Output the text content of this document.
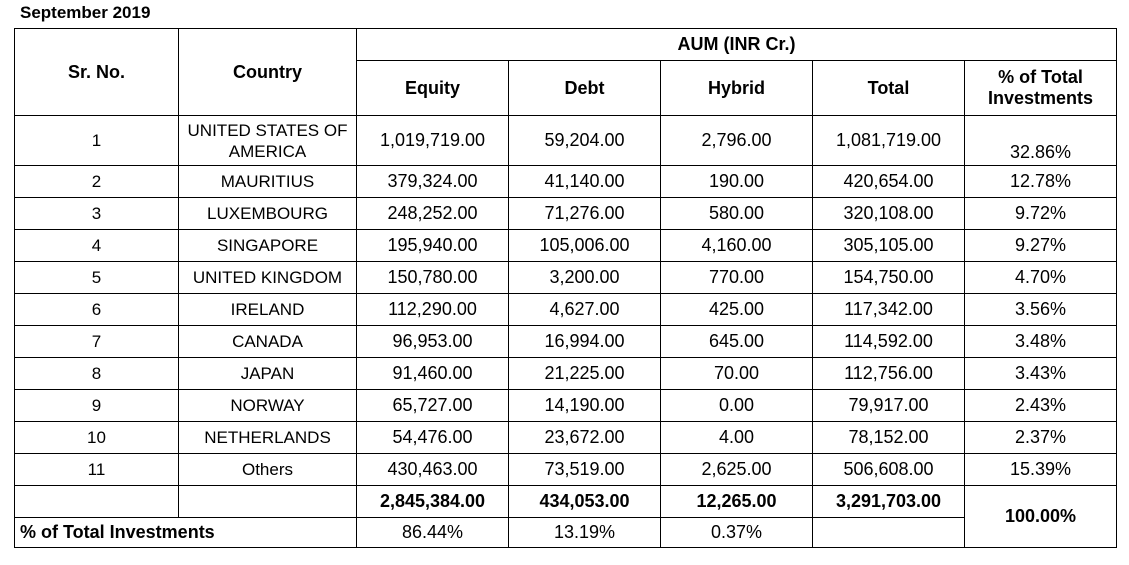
September 2019
Sr. No.	Country	AUM (INR Cr.)				
		Equity	Debt	Hybrid	Total	% of Total
Investments

1	UNITED STATES OF AMERICA	1,019,719.00	59,204.00	2,796.00	1,081,719.00	32.86%
2	MAURITIUS	379,324.00	41,140.00	190.00	420,654.00	12.78%
3	LUXEMBOURG	248,252.00	71,276.00	580.00	320,108.00	9.72%
4	SINGAPORE	195,940.00	105,006.00	4,160.00	305,105.00	9.27%
5	UNITED KINGDOM	150,780.00	3,200.00	770.00	154,750.00	4.70%
6	IRELAND	112,290.00	4,627.00	425.00	117,342.00	3.56%
7	CANADA	96,953.00	16,994.00	645.00	114,592.00	3.48%
8	JAPAN	91,460.00	21,225.00	70.00	112,756.00	3.43%
9	NORWAY	65,727.00	14,190.00	0.00	79,917.00	2.43%
10	NETHERLANDS	54,476.00	23,672.00	4.00	78,152.00	2.37%
11	Others	430,463.00	73,519.00	2,625.00	506,608.00	15.39%
		2,845,384.00	434,053.00	12,265.00	3,291,703.00	100.00%
% of Total Investments		86.44%	13.19%	0.37%		
